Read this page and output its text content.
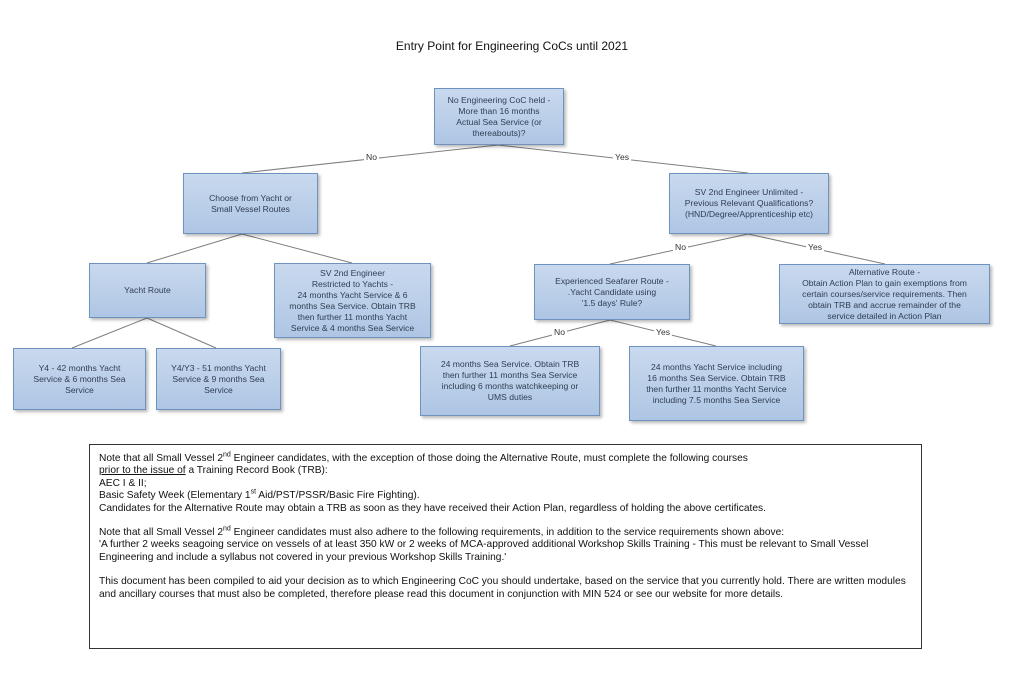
Entry Point for Engineering CoCs until 2021
No Engineering CoC held -
More than 16 months
Actual Sea Service (or
thereabouts)?
Choose from Yacht or
Small Vessel Routes
SV 2nd Engineer Unlimited -
Previous Relevant Qualifications?
(HND/Degree/Apprenticeship etc)
Yacht Route
SV 2nd Engineer
Restricted to Yachts -
24 months Yacht Service & 6
months Sea Service. Obtain TRB
then further 11 months Yacht
Service & 4 months Sea Service
Experienced Seafarer Route -
.Yacht Candidate using
'1.5 days' Rule?
Alternative Route -
Obtain Action Plan to gain exemptions from
certain courses/service requirements. Then
obtain TRB and accrue remainder of the
service detailed in Action Plan
Y4 - 42 months Yacht
Service & 6 months Sea
Service
Y4/Y3 - 51 months Yacht
Service & 9 months Sea
Service
24 months Sea Service. Obtain TRB
then further 11 months Sea Service
including 6 months watchkeeping or
UMS duties
24 months Yacht Service including
16 months Sea Service. Obtain TRB
then further 11 months Yacht Service
including 7.5 months Sea Service
No	Yes
No	Yes
No	Yes

Note that all Small Vessel 2nd Engineer candidates, with the exception of those doing the Alternative Route, must complete the following courses

prior to the issue of a Training Record Book (TRB):

AEC I & II;

Basic Safety Week (Elementary 1st Aid/PST/PSSR/Basic Fire Fighting).

Candidates for the Alternative Route may obtain a TRB as soon as they have received their Action Plan, regardless of holding the above certificates.

Note that all Small Vessel 2nd Engineer candidates must also adhere to the following requirements, in addition to the service requirements shown above:

'A further 2 weeks seagoing service on vessels of at least 350 kW or 2 weeks of MCA-approved additional Workshop Skills Training - This must be relevant to Small Vessel Engineering and include a syllabus not covered in your previous Workshop Skills Training.'

This document has been compiled to aid your decision as to which Engineering CoC you should undertake, based on the service that you currently hold. There are written modules and ancillary courses that must also be completed, therefore please read this document in conjunction with MIN 524 or see our website for more details.
